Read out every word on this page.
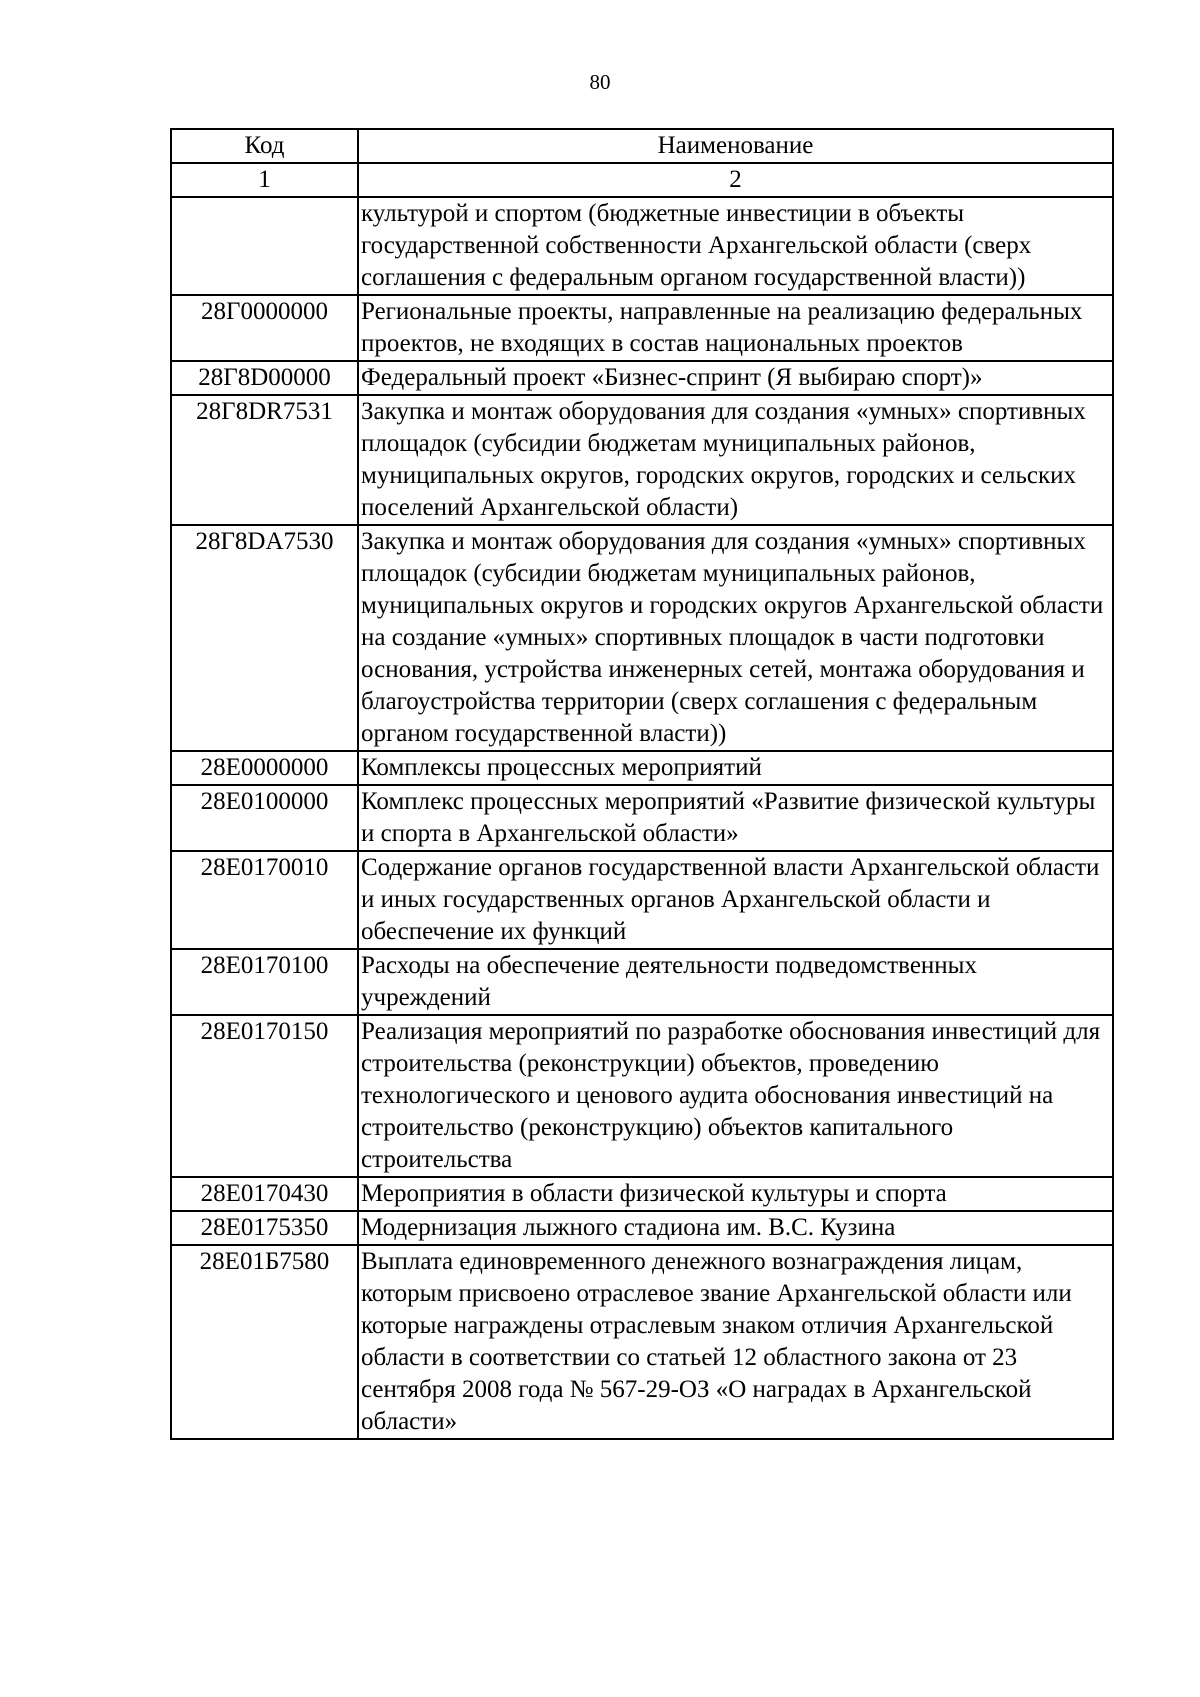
80
Код	Наименование
1	2
	культурой и спортом (бюджетные инвестиции в объекты государственной собственности Архангельской области (сверх соглашения с федеральным органом государственной власти))
28Г0000000	Региональные проекты, направленные на реализацию федеральных проектов, не входящих в состав национальных проектов
28Г8D00000	Федеральный проект «Бизнес-спринт (Я выбираю спорт)»
28Г8DR7531	Закупка и монтаж оборудования для создания «умных» спортивных площадок (субсидии бюджетам муниципальных районов, муниципальных округов, городских округов, городских и сельских поселений Архангельской области)
28Г8DA7530	Закупка и монтаж оборудования для создания «умных» спортивных площадок (субсидии бюджетам муниципальных районов, муниципальных округов и городских округов Архангельской области на создание «умных» спортивных площадок в части подготовки основания, устройства инженерных сетей, монтажа оборудования и благоустройства территории (сверх соглашения с федеральным органом государственной власти))
28Е0000000	Комплексы процессных мероприятий
28Е0100000	Комплекс процессных мероприятий «Развитие физической культуры и спорта в Архангельской области»
28Е0170010	Содержание органов государственной власти Архангельской области и иных государственных органов Архангельской области и обеспечение их функций
28Е0170100	Расходы на обеспечение деятельности подведомственных учреждений
28Е0170150	Реализация мероприятий по разработке обоснования инвестиций для строительства (реконструкции) объектов, проведению технологического и ценового аудита обоснования инвестиций на строительство (реконструкцию) объектов капитального строительства
28Е0170430	Мероприятия в области физической культуры и спорта
28Е0175350	Модернизация лыжного стадиона им. В.С. Кузина
28Е01Б7580	Выплата единовременного денежного вознаграждения лицам, которым присвоено отраслевое звание Архангельской области или которые награждены отраслевым знаком отличия Архангельской области в соответствии со статьей 12 областного закона от 23 сентября 2008 года № 567-29-ОЗ «О наградах в Архангельской области»
